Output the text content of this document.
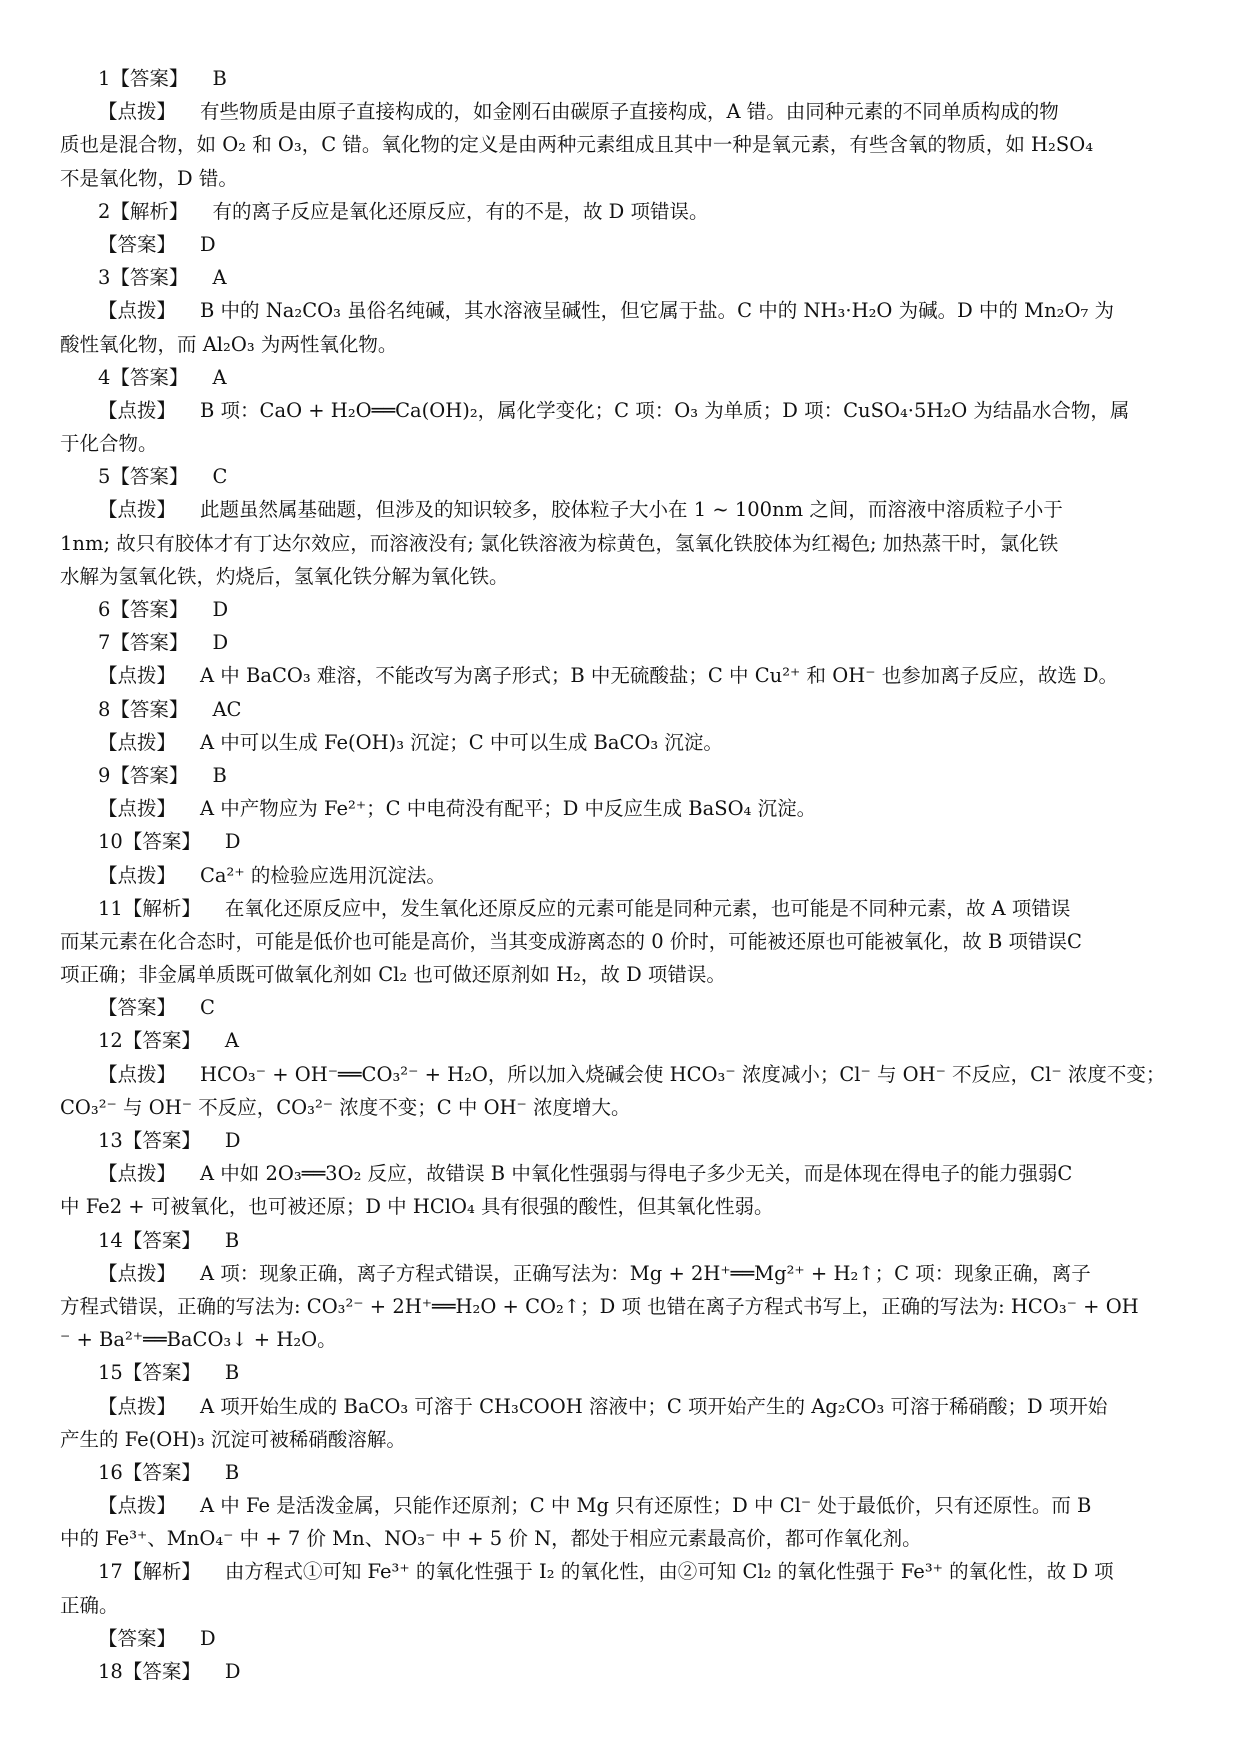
1【答案】 B
【点拨】 有些物质是由原子直接构成的，如金刚石由碳原子直接构成，A 错。由同种元素的不同单质构成的物
质也是混合物，如 O₂ 和 O₃，C 错。氧化物的定义是由两种元素组成且其中一种是氧元素，有些含氧的物质，如 H₂SO₄
不是氧化物，D 错。
2【解析】 有的离子反应是氧化还原反应，有的不是，故 D 项错误。
【答案】 D
3【答案】 A
【点拨】 B 中的 Na₂CO₃ 虽俗名纯碱，其水溶液呈碱性，但它属于盐。C 中的 NH₃·H₂O 为碱。D 中的 Mn₂O₇ 为
酸性氧化物，而 Al₂O₃ 为两性氧化物。
4【答案】 A
【点拨】 B 项：CaO + H₂O══Ca(OH)₂，属化学变化；C 项：O₃ 为单质；D 项：CuSO₄·5H₂O 为结晶水合物，属
于化合物。
5【答案】 C
【点拨】 此题虽然属基础题，但涉及的知识较多，胶体粒子大小在 1 ~ 100nm 之间，而溶液中溶质粒子小于
1nm; 故只有胶体才有丁达尔效应，而溶液没有; 氯化铁溶液为棕黄色，氢氧化铁胶体为红褐色; 加热蒸干时，氯化铁
水解为氢氧化铁，灼烧后，氢氧化铁分解为氧化铁。
6【答案】 D
7【答案】 D
【点拨】 A 中 BaCO₃ 难溶，不能改写为离子形式；B 中无硫酸盐；C 中 Cu²⁺ 和 OH⁻ 也参加离子反应，故选 D。
8【答案】 AC
【点拨】 A 中可以生成 Fe(OH)₃ 沉淀；C 中可以生成 BaCO₃ 沉淀。
9【答案】 B
【点拨】 A 中产物应为 Fe²⁺；C 中电荷没有配平；D 中反应生成 BaSO₄ 沉淀。
10【答案】 D
【点拨】 Ca²⁺ 的检验应选用沉淀法。
11【解析】 在氧化还原反应中，发生氧化还原反应的元素可能是同种元素，也可能是不同种元素，故 A 项错误
而某元素在化合态时，可能是低价也可能是高价，当其变成游离态的 0 价时，可能被还原也可能被氧化，故 B 项错误C
项正确；非金属单质既可做氧化剂如 Cl₂ 也可做还原剂如 H₂，故 D 项错误。
【答案】 C
12【答案】 A
【点拨】 HCO₃⁻ + OH⁻══CO₃²⁻ + H₂O，所以加入烧碱会使 HCO₃⁻ 浓度减小；Cl⁻ 与 OH⁻ 不反应，Cl⁻ 浓度不变；
CO₃²⁻ 与 OH⁻ 不反应，CO₃²⁻ 浓度不变；C 中 OH⁻ 浓度增大。
13【答案】 D
【点拨】 A 中如 2O₃══3O₂ 反应，故错误 B 中氧化性强弱与得电子多少无关，而是体现在得电子的能力强弱C
中 Fe2 + 可被氧化，也可被还原；D 中 HClO₄ 具有很强的酸性，但其氧化性弱。
14【答案】 B
【点拨】 A 项：现象正确，离子方程式错误，正确写法为：Mg + 2H⁺══Mg²⁺ + H₂↑；C 项：现象正确，离子
方程式错误，正确的写法为: CO₃²⁻ + 2H⁺══H₂O + CO₂↑；D 项 也错在离子方程式书写上，正确的写法为: HCO₃⁻ + OH
⁻ + Ba²⁺══BaCO₃↓ + H₂O。
15【答案】 B
【点拨】 A 项开始生成的 BaCO₃ 可溶于 CH₃COOH 溶液中；C 项开始产生的 Ag₂CO₃ 可溶于稀硝酸；D 项开始
产生的 Fe(OH)₃ 沉淀可被稀硝酸溶解。
16【答案】 B
【点拨】 A 中 Fe 是活泼金属，只能作还原剂；C 中 Mg 只有还原性；D 中 Cl⁻ 处于最低价，只有还原性。而 B
中的 Fe³⁺、MnO₄⁻ 中 + 7 价 Mn、NO₃⁻ 中 + 5 价 N，都处于相应元素最高价，都可作氧化剂。
17【解析】 由方程式①可知 Fe³⁺ 的氧化性强于 I₂ 的氧化性，由②可知 Cl₂ 的氧化性强于 Fe³⁺ 的氧化性，故 D 项
正确。
【答案】 D
18【答案】 D
